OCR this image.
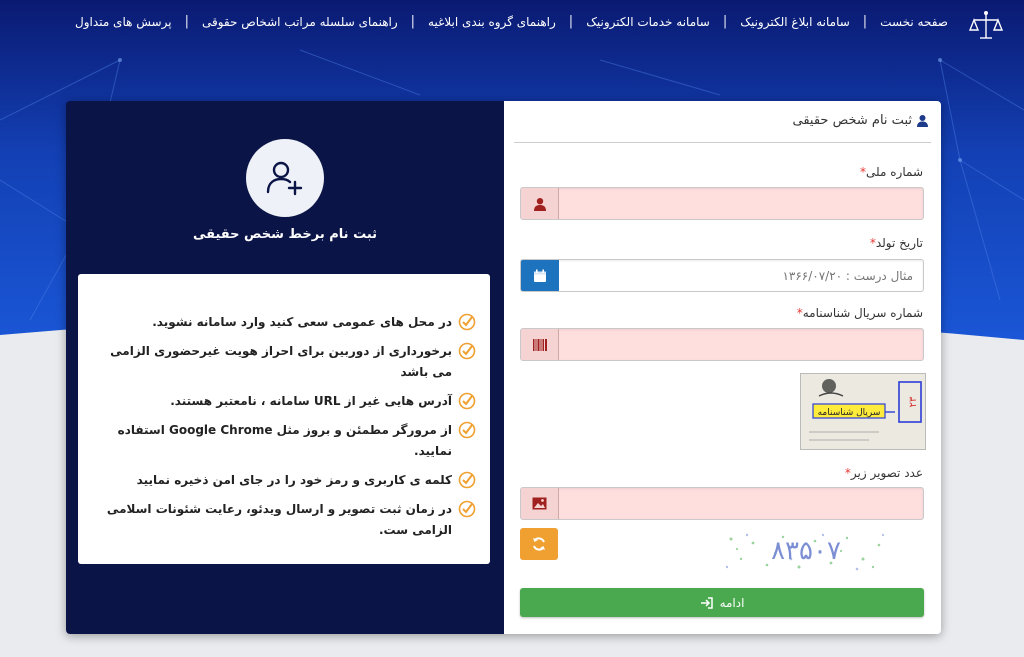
صفحه نخست
|
سامانه ابلاغ الکترونیک
|
سامانه خدمات الکترونیک
|
راهنمای گروه بندی ابلاغیه
|
راهنمای سلسله مراتب اشخاص حقوقی
|
پرسش های متداول
ثبت نام برخط شخص حقیقی
در محل های عمومی سعی کنید وارد سامانه نشوید.
برخورداری از دوربین برای احراز هویت غیرحضوری الزامی می باشد
آدرس هایی غیر از URL سامانه ، نامعتبر هستند.
از مرورگر مطمئن و بروز مثل Google Chrome استفاده نمایید.
کلمه ی کاربری و رمز خود را در جای امن ذخیره نمایید
در زمان ثبت تصویر و ارسال ویدئو، رعایت شئونات اسلامی الزامی ست.
ثبت نام شخص حقیقی
شماره ملی*
تاریخ تولد*
مثال درست : ۱۳۶۶/۰۷/۲۰
شماره سریال شناسنامه*
۲۳
سریال شناسنامه
عدد تصویر زیر*
۸۳۵۰۷
ادامه
